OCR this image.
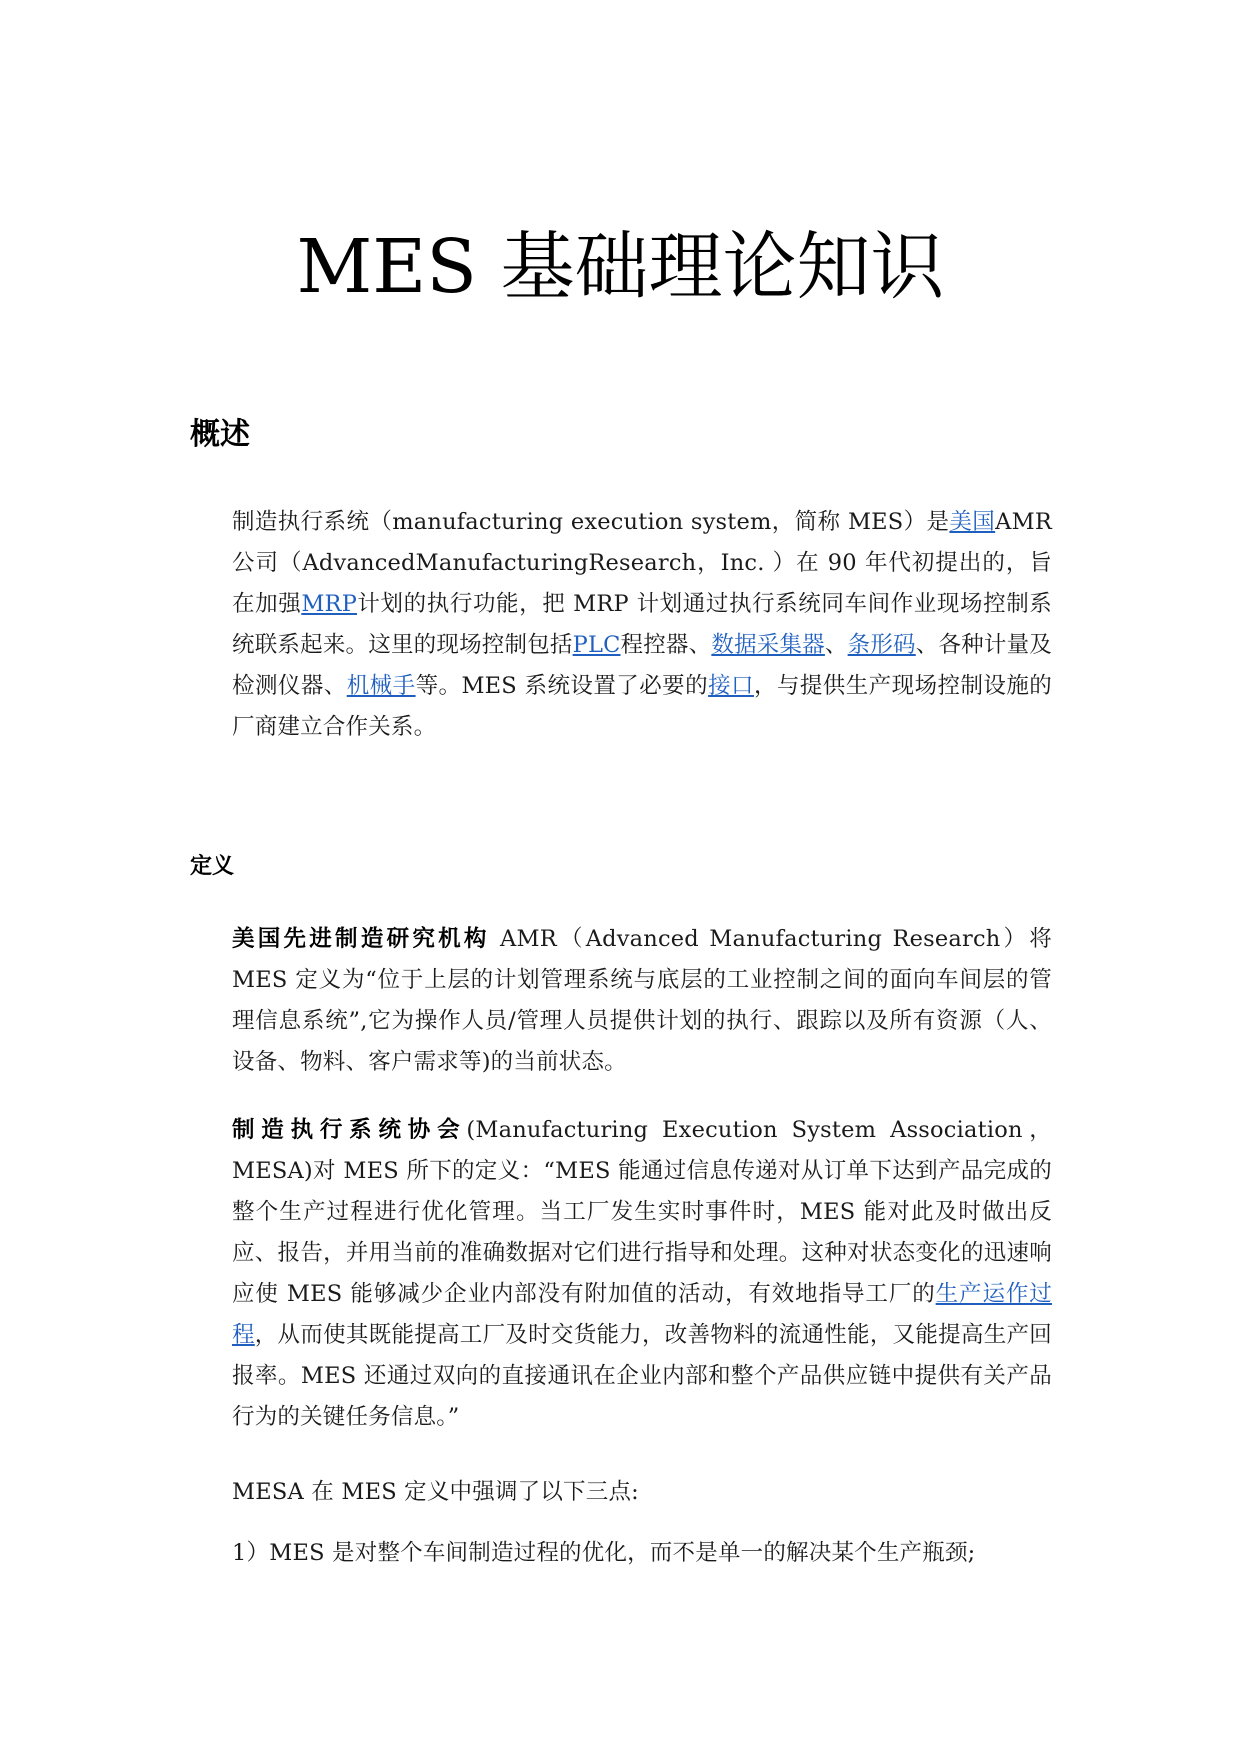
MES 基础理论知识
概述

制造执行系统（manufacturing execution system，简称 MES）是美国AMR 公司（AdvancedManufacturingResearch，Inc. ）在 90 年代初提出的，旨在加强MRP计划的执行功能，把 MRP 计划通过执行系统同车间作业现场控制系统联系起来。这里的现场控制包括PLC程控器、数据采集器、条形码、各种计量及检测仪器、机械手等。MES 系统设置了必要的接口，与提供生产现场控制设施的厂商建立合作关系。

定义

美国先进制造研究机构 AMR（Advanced Manufacturing Research）将 MES 定义为“位于上层的计划管理系统与底层的工业控制之间的面向车间层的管理信息系统”,它为操作人员/管理人员提供计划的执行、跟踪以及所有资源（人、设备、物料、客户需求等)的当前状态。

制造执行系统协会(Manufacturing Execution System Association，MESA)对 MES 所下的定义：“MES 能通过信息传递对从订单下达到产品完成的整个生产过程进行优化管理。当工厂发生实时事件时，MES 能对此及时做出反应、报告，并用当前的准确数据对它们进行指导和处理。这种对状态变化的迅速响应使 MES 能够减少企业内部没有附加值的活动，有效地指导工厂的生产运作过程，从而使其既能提高工厂及时交货能力，改善物料的流通性能，又能提高生产回报率。MES 还通过双向的直接通讯在企业内部和整个产品供应链中提供有关产品行为的关键任务信息。”

MESA 在 MES 定义中强调了以下三点:

1）MES 是对整个车间制造过程的优化，而不是单一的解决某个生产瓶颈;
